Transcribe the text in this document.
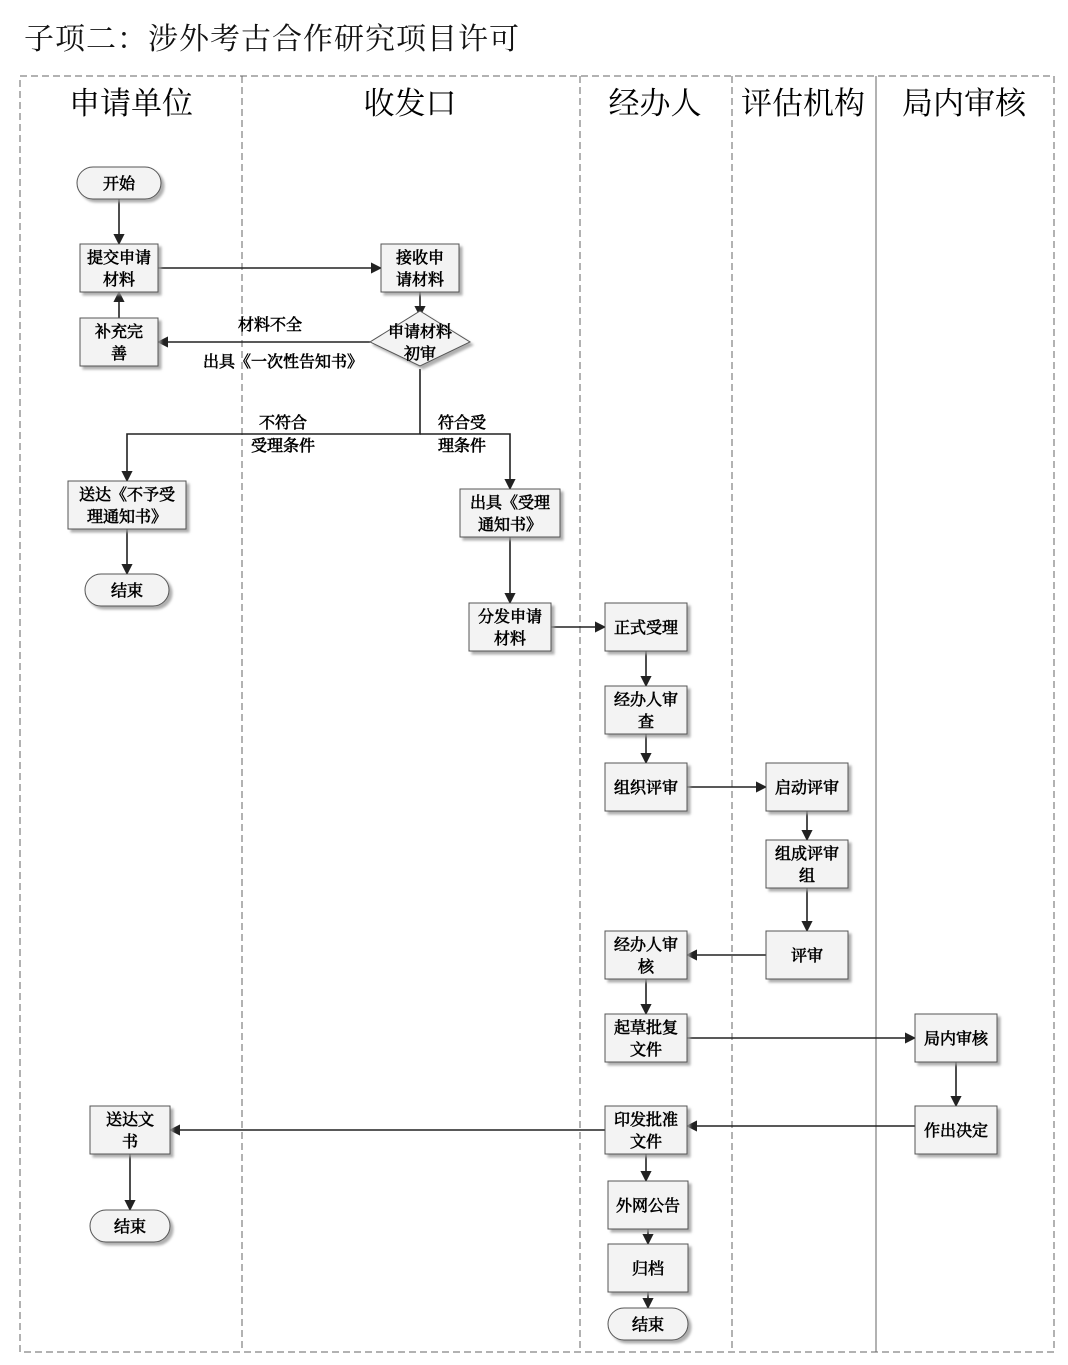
子项二：涉外考古合作研究项目许可
申请单位	收发口	经办人 评估机构 局内审核
开始
提交申请
材料
接收申
请材料
补充完
善
申请材料
初审
送达《不予受
理通知书》
结束
出具《受理
通知书》
分发申请
材料
正式受理
经办人审
查
组织评审	启动评审
组成评审
组
评审
经办人审
核
起草批复
文件
局内审核
作出决定
印发批准
文件
送达文
书
结束
外网公告
归档
结束
材料不全
出具《一次性告知书》
不符合
受理条件
符合受
理条件
